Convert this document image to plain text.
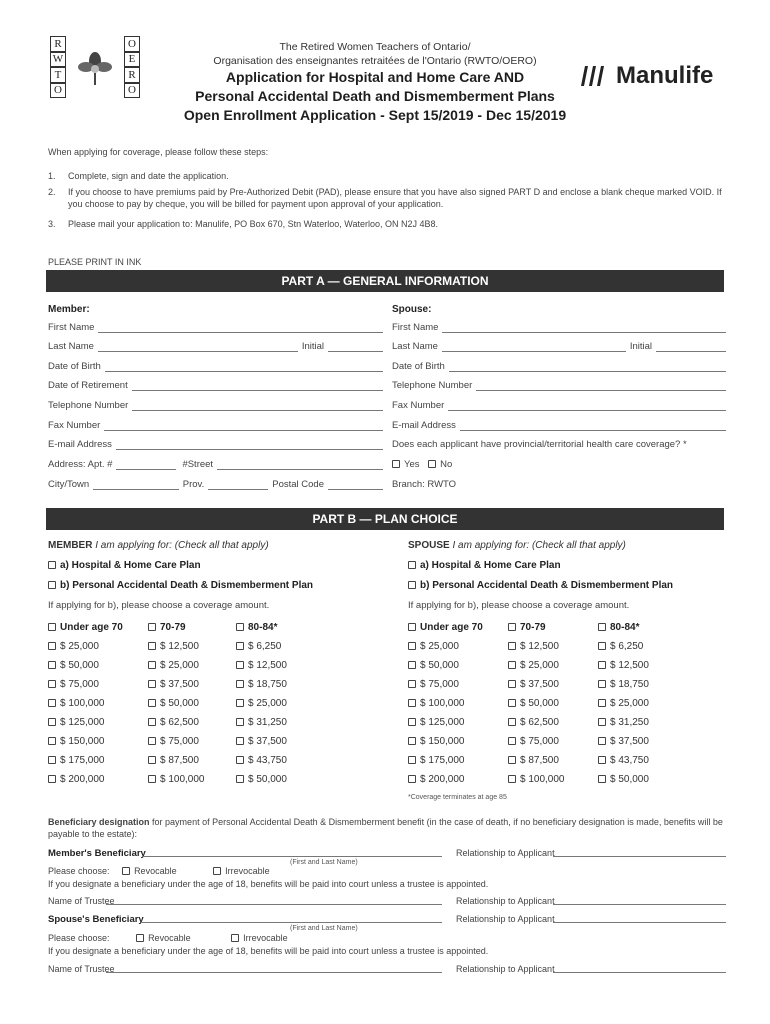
R
W
T
O
O
E
R
O
The Retired Women Teachers of Ontario/
Organisation des enseignantes retraitées de l'Ontario (RWTO/OERO)
Application for Hospital and Home Care AND
Personal Accidental Death and Dismemberment Plans
Open Enrollment Application - Sept 15/2019 - Dec 15/2019
Manulife
When applying for coverage, please follow these steps:
1. Complete, sign and date the application.
2. If you choose to have premiums paid by Pre-Authorized Debit (PAD), please ensure that you have also signed PART D and enclose a blank cheque marked VOID. If you choose to pay by cheque, you will be billed for payment upon approval of your application.
3. Please mail your application to: Manulife, PO Box 670, Stn Waterloo, Waterloo, ON N2J 4B8.
PLEASE PRINT IN INK
PART A — GENERAL INFORMATION
Member:	Spouse:
First Name
Last Name	Initial
Date of Birth
Date of Retirement
Telephone Number
Fax Number
E-mail Address
Address: Apt. #	#Street
City/Town	Prov.	Postal Code
First Name
Last Name	Initial
Date of Birth
Telephone Number
Fax Number
E-mail Address
Does each applicant have provincial/territorial health care coverage? *
Yes No
Branch: RWTO
PART B — PLAN CHOICE
MEMBER I am applying for: (Check all that apply)	SPOUSE I am applying for: (Check all that apply)
a) Hospital & Home Care Plan	a) Hospital & Home Care Plan
b) Personal Accidental Death & Dismemberment Plan	b) Personal Accidental Death & Dismemberment Plan
If applying for b), please choose a coverage amount.	If applying for b), please choose a coverage amount.
Under age 70	70-79	80-84*
$ 25,000	$ 12,500	$ 6,250
$ 50,000	$ 25,000	$ 12,500
$ 75,000	$ 37,500	$ 18,750
$ 100,000	$ 50,000	$ 25,000
$ 125,000	$ 62,500	$ 31,250
$ 150,000	$ 75,000	$ 37,500
$ 175,000	$ 87,500	$ 43,750
$ 200,000	$ 100,000	$ 50,000
Under age 70	70-79	80-84*
$ 25,000	$ 12,500	$ 6,250
$ 50,000	$ 25,000	$ 12,500
$ 75,000	$ 37,500	$ 18,750
$ 100,000	$ 50,000	$ 25,000
$ 125,000	$ 62,500	$ 31,250
$ 150,000	$ 75,000	$ 37,500
$ 175,000	$ 87,500	$ 43,750
$ 200,000	$ 100,000	$ 50,000
*Coverage terminates at age 85
Beneficiary designation for payment of Personal Accidental Death & Dismemberment benefit (in the case of death, if no beneficiary designation is made, benefits will be payable to the estate):
Member's Beneficiary	Relationship to Applicant
(First and Last Name)
Please choose:	Revocable	Irrevocable
If you designate a beneficiary under the age of 18, benefits will be paid into court unless a trustee is appointed.
Name of Trustee	Relationship to Applicant
Spouse's Beneficiary	Relationship to Applicant
(First and Last Name)
Please choose:	Revocable	Irrevocable
If you designate a beneficiary under the age of 18, benefits will be paid into court unless a trustee is appointed.
Name of Trustee	Relationship to Applicant
